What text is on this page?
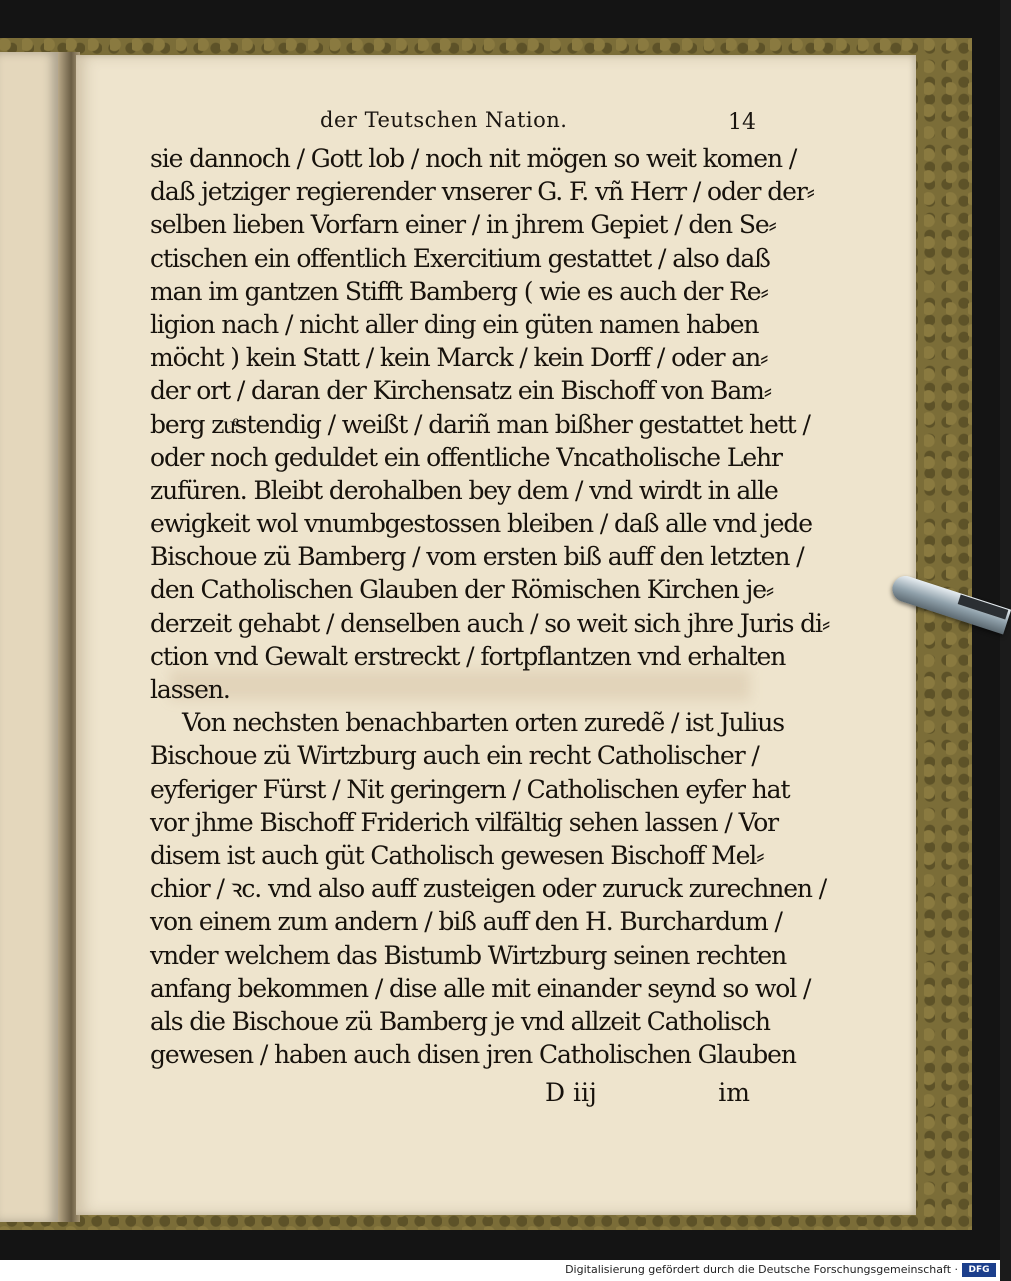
der Teutschen Nation.	14
sie dannoch / Gott lob / noch nit mögen so weit komen /
daß jetziger regierender vnserer G. F. vñ Herr / oder der⸗
selben lieben Vorfarn einer / in jhrem Gepiet / den Se⸗
ctischen ein offentlich Exercitium gestattet / also daß
man im gantzen Stifft Bamberg ( wie es auch der Re⸗
ligion nach / nicht aller ding ein güten namen haben
möcht ) kein Statt / kein Marck / kein Dorff / oder an⸗
der ort / daran der Kirchensatz ein Bischoff von Bam⸗
berg zuͤstendig / weißt / dariñ man bißher gestattet hett /
oder noch geduldet ein offentliche Vncatholische Lehr
zufüren. Bleibt derohalben bey dem / vnd wirdt in alle
ewigkeit wol vnumbgestossen bleiben / daß alle vnd jede
Bischoue zü Bamberg / vom ersten biß auff den letzten /
den Catholischen Glauben der Römischen Kirchen je⸗
derzeit gehabt / denselben auch / so weit sich jhre Juris di⸗
ction vnd Gewalt erstreckt / fortpflantzen vnd erhalten
lassen.
Von nechsten benachbarten orten zuredẽ / ist Julius
Bischoue zü Wirtzburg auch ein recht Catholischer /
eyferiger Fürst / Nit geringern / Catholischen eyfer hat
vor jhme Bischoff Friderich vilfältig sehen lassen / Vor
disem ist auch güt Catholisch gewesen Bischoff Mel⸗
chior / ꝛc. vnd also auff zusteigen oder zuruck zurechnen /
von einem zum andern / biß auff den H. Burchardum /
vnder welchem das Bistumb Wirtzburg seinen rechten
anfang bekommen / dise alle mit einander seynd so wol /
als die Bischoue zü Bamberg je vnd allzeit Catholisch
gewesen / haben auch disen jren Catholischen Glauben
D iij	im
Digitalisierung gefördert durch die Deutsche Forschungsgemeinschaft ·	DFG
